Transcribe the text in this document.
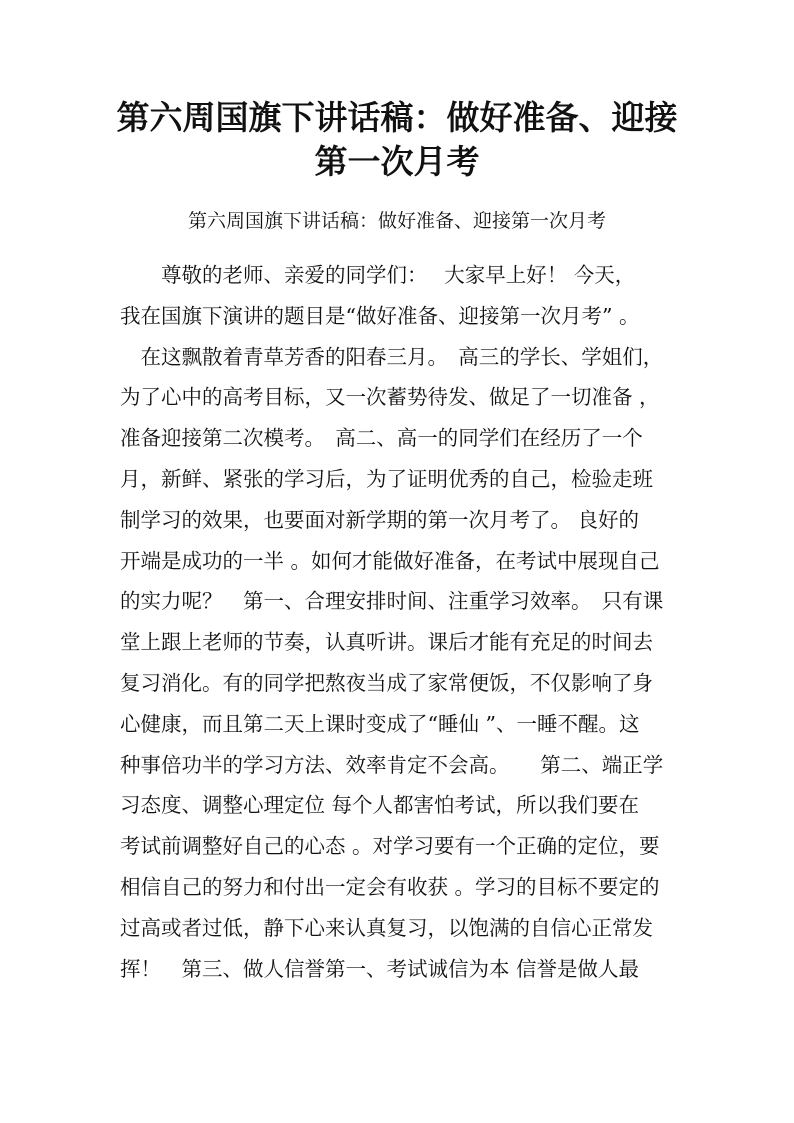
第六周国旗下讲话稿：做好准备、迎接
第一次月考
第六周国旗下讲话稿：做好准备、迎接第一次月考
　　尊敬的老师、亲爱的同学们：　 大家早上好！ 今天，
我在国旗下演讲的题目是“做好准备、迎接第一次月考” 。
　在这飘散着青草芳香的阳春三月。　高三的学长、学姐们，
为了心中的高考目标，又一次蓄势待发、做足了一切准备 ，
准备迎接第二次模考。　高二、高一的同学们在经历了一个
月，新鲜、紧张的学习后，为了证明优秀的自己，检验走班
制学习的效果，也要面对新学期的第一次月考了。 良好的
开端是成功的一半 。如何才能做好准备，在考试中展现自己
的实力呢？　第一、合理安排时间、注重学习效率。　只有课
堂上跟上老师的节奏，认真听讲。课后才能有充足的时间去
复习消化。有的同学把熬夜当成了家常便饭，不仅影响了身
心健康，而且第二天上课时变成了“睡仙 ”、一睡不醒。这
种事倍功半的学习方法、效率肯定不会高。　　第二、端正学
习态度、调整心理定位 每个人都害怕考试，所以我们要在
考试前调整好自己的心态 。对学习要有一个正确的定位，要
相信自己的努力和付出一定会有收获 。学习的目标不要定的
过高或者过低，静下心来认真复习，以饱满的自信心正常发
挥！　第三、做人信誉第一、考试诚信为本 信誉是做人最
